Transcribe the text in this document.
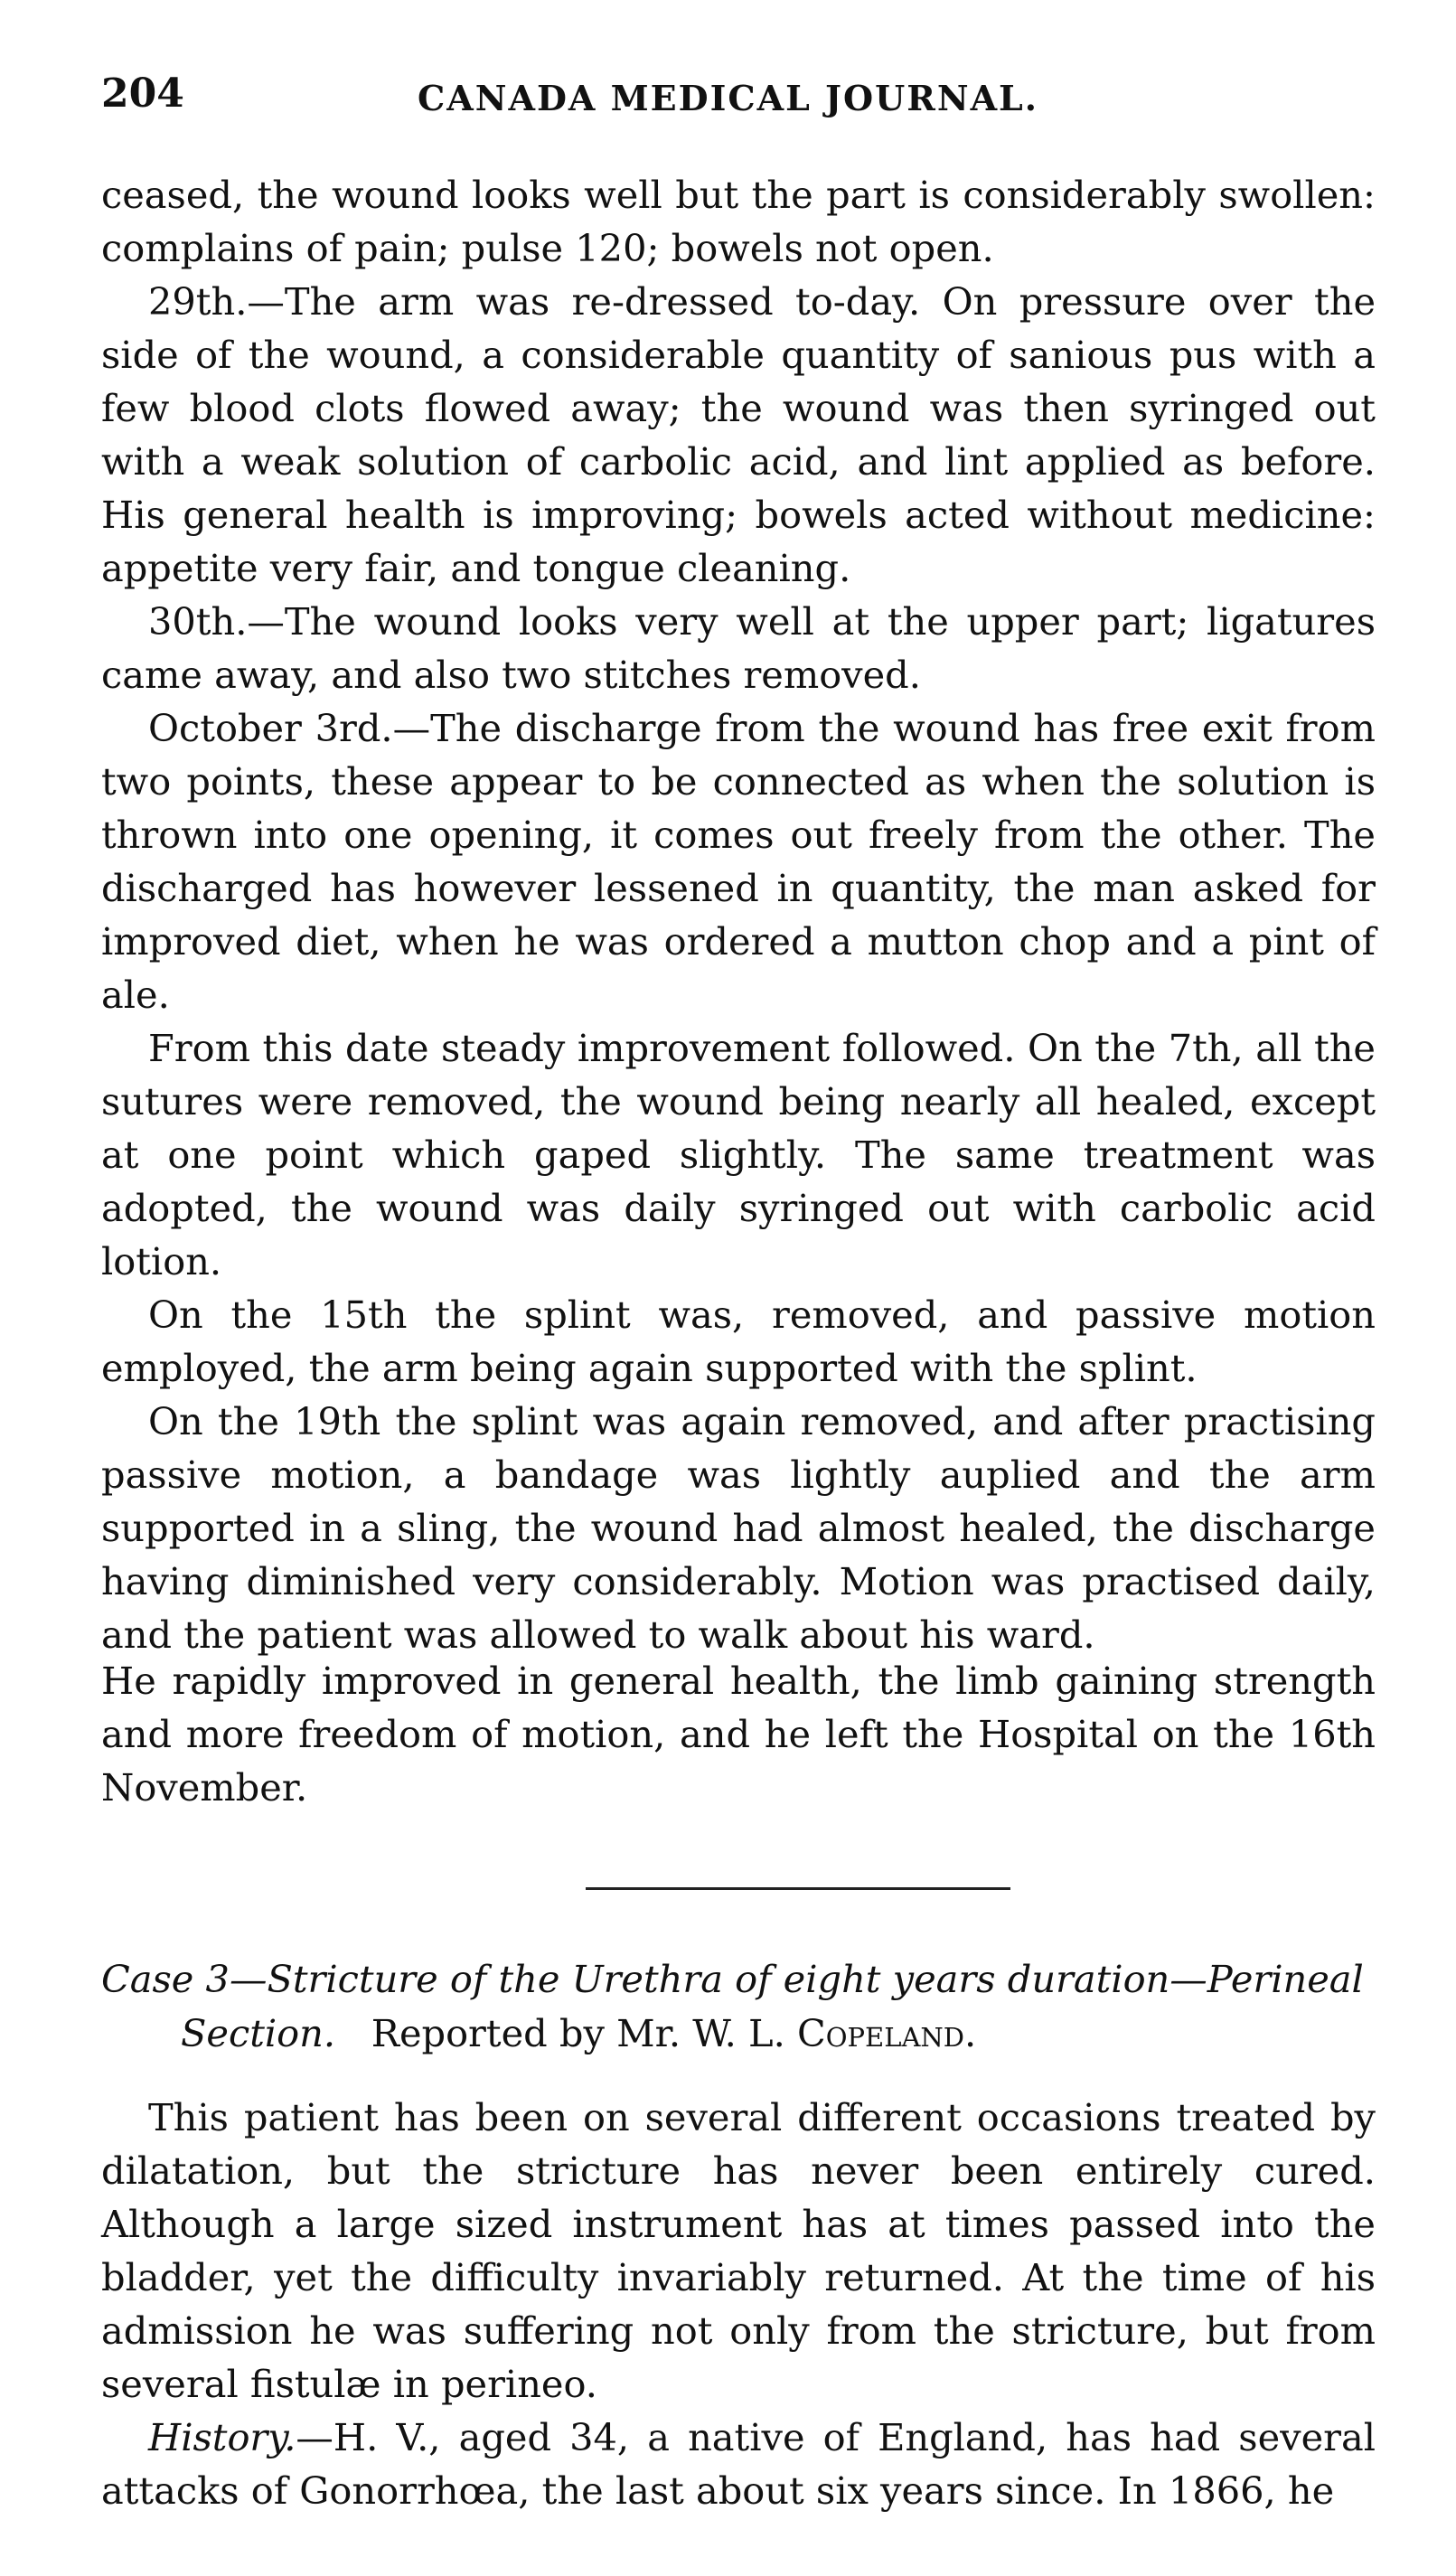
204	CANADA MEDICAL JOURNAL.

ceased, the wound looks well but the part is considerably swollen: complains of pain; pulse 120; bowels not open.

29th.—The arm was re-dressed to-day. On pressure over the side of the wound, a considerable quantity of sanious pus with a few blood clots flowed away; the wound was then syringed out with a weak solution of carbolic acid, and lint applied as before. His general health is improving; bowels acted without medicine: appetite very fair, and tongue cleaning.

30th.—The wound looks very well at the upper part; ligatures came away, and also two stitches removed.

October 3rd.—The discharge from the wound has free exit from two points, these appear to be connected as when the solution is thrown into one opening, it comes out freely from the other. The discharged has however lessened in quantity, the man asked for improved diet, when he was ordered a mutton chop and a pint of ale.

From this date steady improvement followed. On the 7th, all the sutures were removed, the wound being nearly all healed, except at one point which gaped slightly. The same treatment was adopted, the wound was daily syringed out with carbolic acid lotion.

On the 15th the splint was, removed, and passive motion employed, the arm being again supported with the splint.

On the 19th the splint was again removed, and after practising passive motion, a bandage was lightly auplied and the arm supported in a sling, the wound had almost healed, the discharge having diminished very considerably. Motion was practised daily, and the patient was allowed to walk about his ward.

He rapidly improved in general health, the limb gaining strength and more freedom of motion, and he left the Hospital on the 16th November.

Case 3—Stricture of the Urethra of eight years duration—Perineal
Section. Reported by Mr. W. L. Copeland.

This patient has been on several different occasions treated by dilatation, but the stricture has never been entirely cured. Although a large sized instrument has at times passed into the bladder, yet the difficulty invariably returned. At the time of his admission he was suffering not only from the stricture, but from several fistulæ in perineo.

History.—H. V., aged 34, a native of England, has had several attacks of Gonorrhœa, the last about six years since. In 1866, he
